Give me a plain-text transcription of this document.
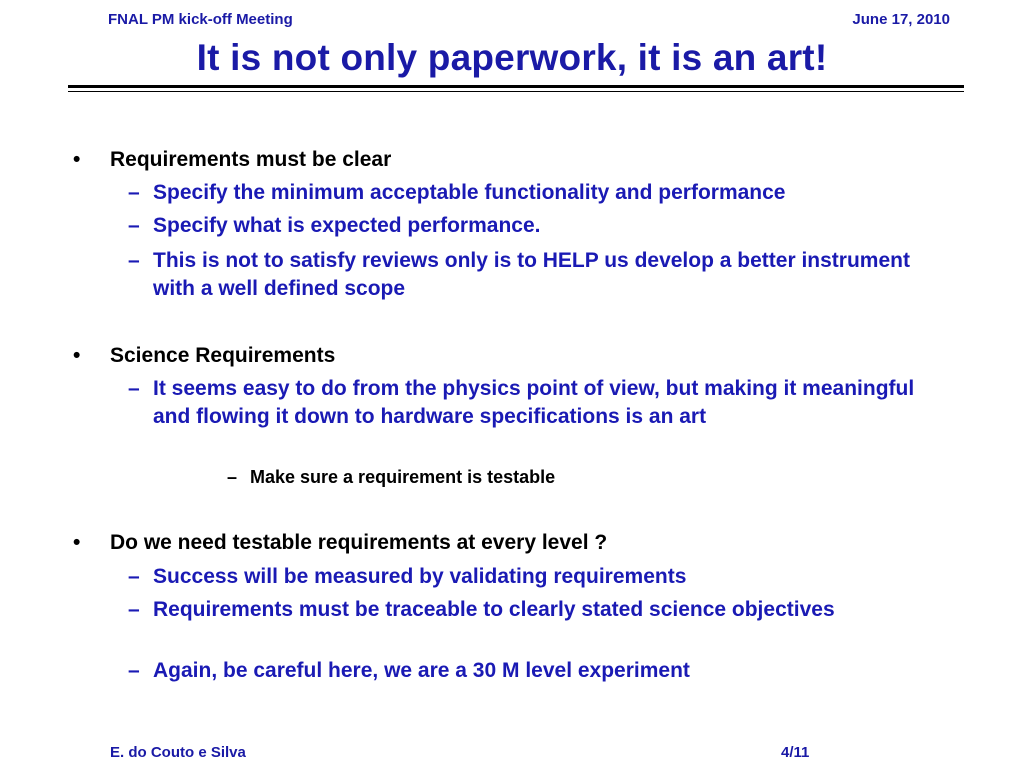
FNAL PM kick-off Meeting	June 17, 2010
It is not only paperwork, it is an art!
•	Requirements must be clear
– Specify the minimum acceptable functionality and performance
– Specify what is expected performance.
– This is not to satisfy reviews only is to HELP us develop a better instrument with a well defined scope
•	Science Requirements
– It seems easy to do from the physics point of view, but making it meaningful and flowing it down to hardware specifications is an art
– Make sure a requirement is testable
•	Do we need testable requirements at every level ?
– Success will be measured by validating requirements
– Requirements must be traceable to clearly stated science objectives
– Again, be careful here, we are a 30 M level experiment
E. do Couto e Silva	4/11
